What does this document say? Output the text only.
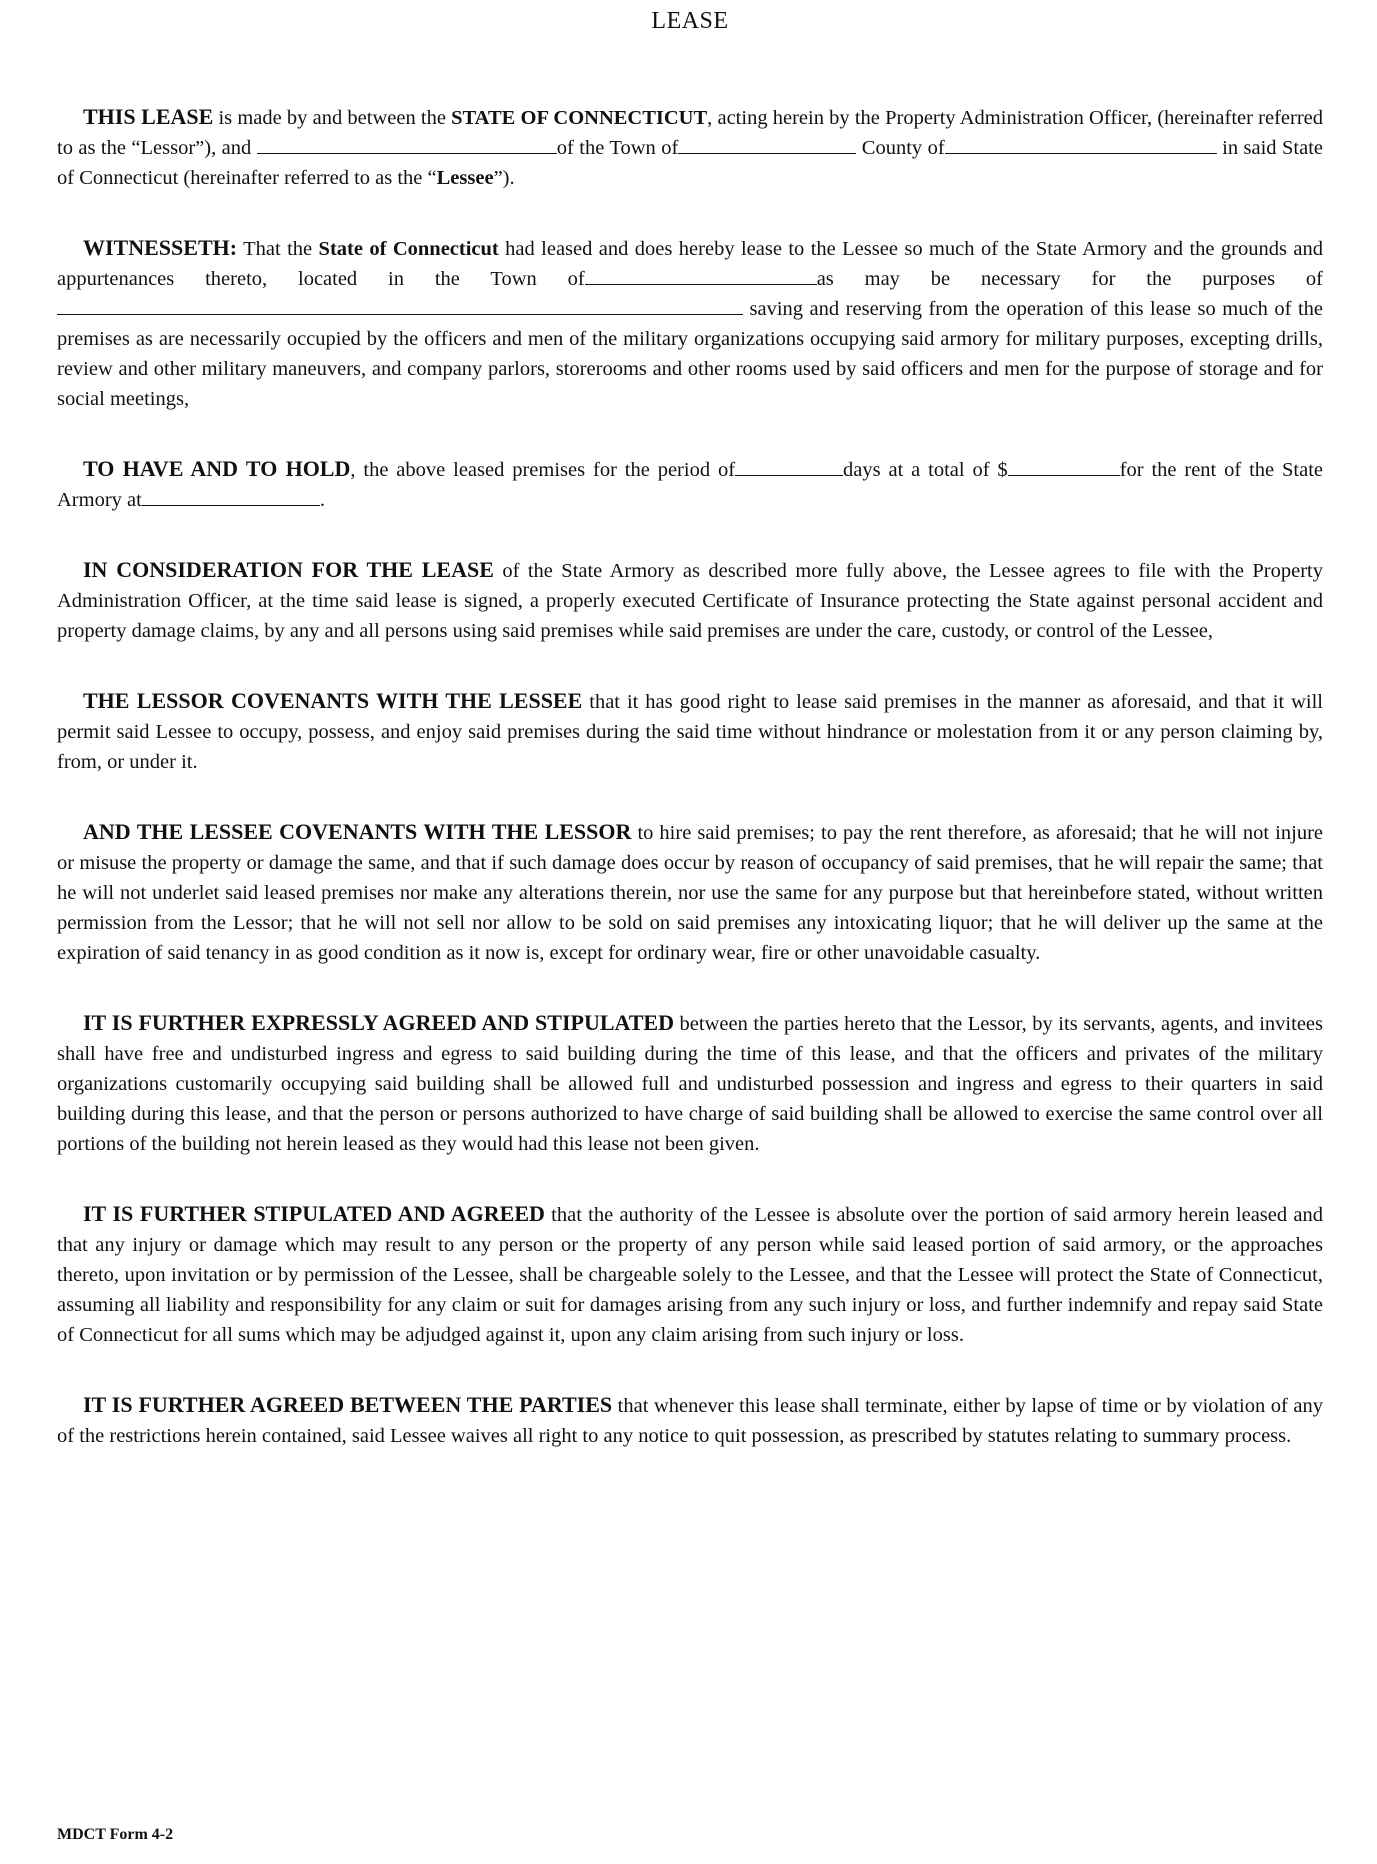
LEASE

THIS LEASE is made by and between the STATE OF CONNECTICUT, acting herein by the Property Administration Officer, (hereinafter referred to as the “Lessor”), and	of the Town of	County of	in said State of Connecticut (hereinafter referred to as the “Lessee”).

WITNESSETH: That the State of Connecticut had leased and does hereby lease to the Lessee so much of the State Armory and the grounds and appurtenances thereto, located in the Town of	as may be necessary for the purposes of saving and reserving from the operation of this lease so much of the premises as are necessarily occupied by the officers and men of the military organizations occupying said armory for military purposes, excepting drills, review and other military maneuvers, and company parlors, storerooms and other rooms used by said officers and men for the purpose of storage and for social meetings,

TO HAVE AND TO HOLD, the above leased premises for the period of	days at a total of $	for the rent of the State Armory at	.

IN CONSIDERATION FOR THE LEASE of the State Armory as described more fully above, the Lessee agrees to file with the Property Administration Officer, at the time said lease is signed, a properly executed Certificate of Insurance protecting the State against personal accident and property damage claims, by any and all persons using said premises while said premises are under the care, custody, or control of the Lessee,

THE LESSOR COVENANTS WITH THE LESSEE that it has good right to lease said premises in the manner as aforesaid, and that it will permit said Lessee to occupy, possess, and enjoy said premises during the said time without hindrance or molestation from it or any person claiming by, from, or under it.

AND THE LESSEE COVENANTS WITH THE LESSOR to hire said premises; to pay the rent therefore, as aforesaid; that he will not injure or misuse the property or damage the same, and that if such damage does occur by reason of occupancy of said premises, that he will repair the same; that he will not underlet said leased premises nor make any alterations therein, nor use the same for any purpose but that hereinbefore stated, without written permission from the Lessor; that he will not sell nor allow to be sold on said premises any intoxicating liquor; that he will deliver up the same at the expiration of said tenancy in as good condition as it now is, except for ordinary wear, fire or other unavoidable casualty.

IT IS FURTHER EXPRESSLY AGREED AND STIPULATED between the parties hereto that the Lessor, by its servants, agents, and invitees shall have free and undisturbed ingress and egress to said building during the time of this lease, and that the officers and privates of the military organizations customarily occupying said building shall be allowed full and undisturbed possession and ingress and egress to their quarters in said building during this lease, and that the person or persons authorized to have charge of said building shall be allowed to exercise the same control over all portions of the building not herein leased as they would had this lease not been given.

IT IS FURTHER STIPULATED AND AGREED that the authority of the Lessee is absolute over the portion of said armory herein leased and that any injury or damage which may result to any person or the property of any person while said leased portion of said armory, or the approaches thereto, upon invitation or by permission of the Lessee, shall be chargeable solely to the Lessee, and that the Lessee will protect the State of Connecticut, assuming all liability and responsibility for any claim or suit for damages arising from any such injury or loss, and further indemnify and repay said State of Connecticut for all sums which may be adjudged against it, upon any claim arising from such injury or loss.

IT IS FURTHER AGREED BETWEEN THE PARTIES that whenever this lease shall terminate, either by lapse of time or by violation of any of the restrictions herein contained, said Lessee waives all right to any notice to quit possession, as prescribed by statutes relating to summary process.

MDCT Form 4-2
